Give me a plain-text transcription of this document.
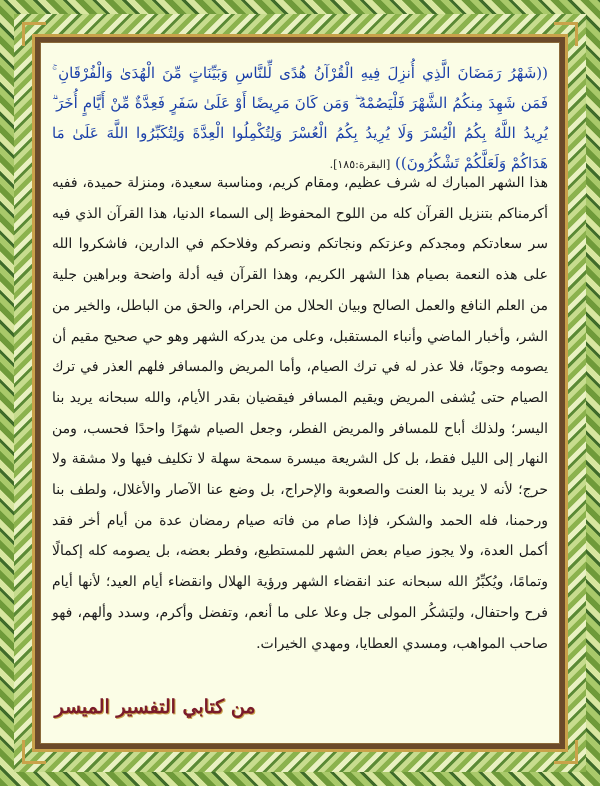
((شَهْرُ رَمَضَانَ الَّذِي أُنزِلَ فِيهِ الْقُرْآنُ هُدًى لِّلنَّاسِ وَبَيِّنَاتٍ مِّنَ الْهُدَىٰ وَالْفُرْقَانِ ۚ فَمَن شَهِدَ مِنكُمُ الشَّهْرَ فَلْيَصُمْهُ ۖ وَمَن كَانَ مَرِيضًا أَوْ عَلَىٰ سَفَرٍ فَعِدَّةٌ مِّنْ أَيَّامٍ أُخَرَ ۗ يُرِيدُ اللَّهُ بِكُمُ الْيُسْرَ وَلَا يُرِيدُ بِكُمُ الْعُسْرَ وَلِتُكْمِلُوا الْعِدَّةَ وَلِتُكَبِّرُوا اللَّهَ عَلَىٰ مَا هَدَاكُمْ وَلَعَلَّكُمْ تَشْكُرُونَ)) [البقرة:١٨٥].
هذا الشهر المبارك له شرف عظيم، ومقام كريم، ومناسبة سعيدة، ومنزلة حميدة، ففيه أكرمناكم بتنزيل القرآن كله من اللوح المحفوظ إلى السماء الدنيا، هذا القرآن الذي فيه سر سعادتكم ومجدكم وعزتكم ونجاتكم ونصركم وفلاحكم في الدارين، فاشكروا الله على هذه النعمة بصيام هذا الشهر الكريم، وهذا القرآن فيه أدلة واضحة وبراهين جلية من العلم النافع والعمل الصالح وبيان الحلال من الحرام، والحق من الباطل، والخير من الشر، وأخبار الماضي وأنباء المستقبل، وعلى من يدركه الشهر وهو حي صحيح مقيم أن يصومه وجوبًا، فلا عذر له في ترك الصيام، وأما المريض والمسافر فلهم العذر في ترك الصيام حتى يُشفى المريض ويقيم المسافر فيقضيان بقدر الأيام، والله سبحانه يريد بنا اليسر؛ ولذلك أباح للمسافر والمريض الفطر، وجعل الصيام شهرًا واحدًا فحسب، ومن النهار إلى الليل فقط، بل كل الشريعة ميسرة سمحة سهلة لا تكليف فيها ولا مشقة ولا حرج؛ لأنه لا يريد بنا العنت والصعوبة والإحراج، بل وضع عنا الآصار والأغلال، ولطف بنا ورحمنا، فله الحمد والشكر، فإذا صام من فاته صيام رمضان عدة من أيام أخر فقد أكمل العدة، ولا يجوز صيام بعض الشهر للمستطيع، وفطر بعضه، بل يصومه كله إكمالًا وتمامًا، ويُكبِّرُ الله سبحانه عند انقضاء الشهر ورؤية الهلال وانقضاء أيام العيد؛ لأنها أيام فرح واحتفال، وليَشكُر المولى جل وعلا على ما أنعم، وتفضل وأكرم، وسدد وألهم، فهو صاحب المواهب، ومسدي العطايا، ومهدي الخيرات.
من كتابي التفسير الميسر
